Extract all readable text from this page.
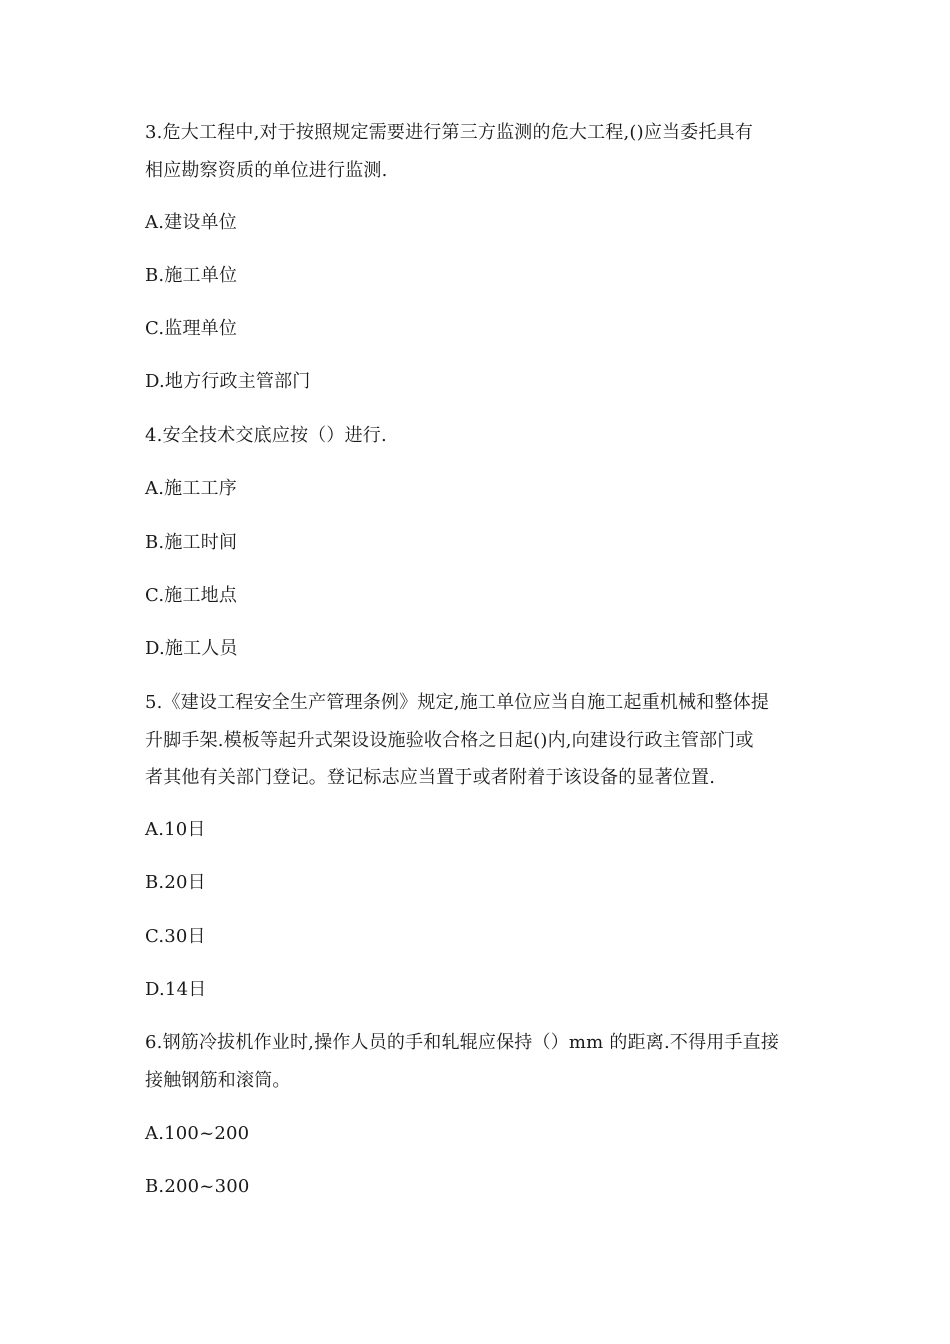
3.危大工程中,对于按照规定需要进行第三方监测的危大工程,()应当委托具有
相应勘察资质的单位进行监测.
A.建设单位
B.施工单位
C.监理单位
D.地方行政主管部门
4.安全技术交底应按（）进行.
A.施工工序
B.施工时间
C.施工地点
D.施工人员
5.《建设工程安全生产管理条例》规定,施工单位应当自施工起重机械和整体提
升脚手架.模板等起升式架设设施验收合格之日起()内,向建设行政主管部门或
者其他有关部门登记。登记标志应当置于或者附着于该设备的显著位置.
A.10日
B.20日
C.30日
D.14日
6.钢筋冷拔机作业时,操作人员的手和轧辊应保持（）mm 的距离.不得用手直接
接触钢筋和滚筒。
A.100~200
B.200~300
